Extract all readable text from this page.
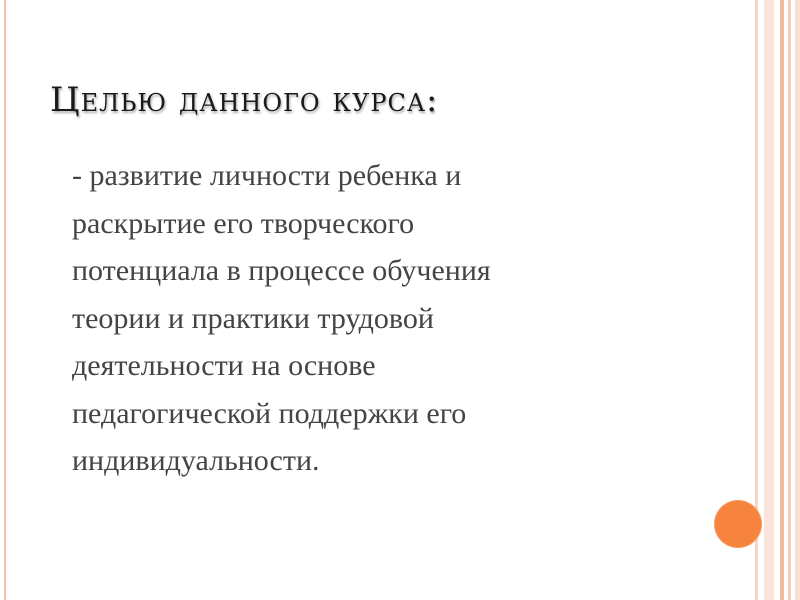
Целью данного курса:
- развитие личности ребенка и
раскрытие его творческого
потенциала в процессе обучения
теории и практики трудовой
деятельности на основе
педагогической поддержки его
индивидуальности.
